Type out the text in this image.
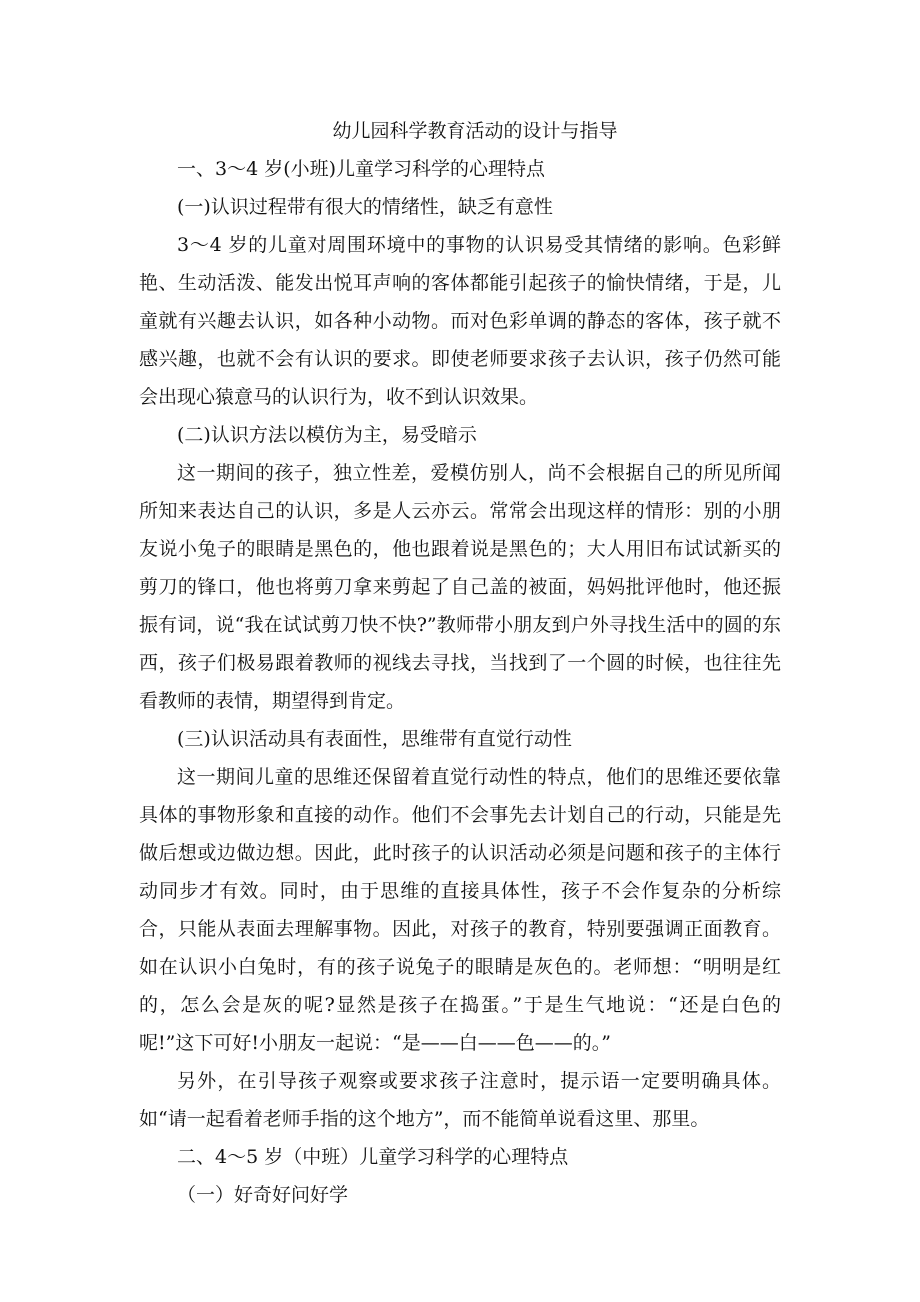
幼儿园科学教育活动的设计与指导

一、3～4 岁(小班)儿童学习科学的心理特点

(一)认识过程带有很大的情绪性，缺乏有意性

3～4 岁的儿童对周围环境中的事物的认识易受其情绪的影响。色彩鲜艳、生动活泼、能发出悦耳声响的客体都能引起孩子的愉快情绪，于是，儿童就有兴趣去认识，如各种小动物。而对色彩单调的静态的客体，孩子就不感兴趣，也就不会有认识的要求。即使老师要求孩子去认识，孩子仍然可能会出现心猿意马的认识行为，收不到认识效果。

(二)认识方法以模仿为主，易受暗示

这一期间的孩子，独立性差，爱模仿别人，尚不会根据自己的所见所闻所知来表达自己的认识，多是人云亦云。常常会出现这样的情形：别的小朋友说小兔子的眼睛是黑色的，他也跟着说是黑色的；大人用旧布试试新买的剪刀的锋口，他也将剪刀拿来剪起了自己盖的被面，妈妈批评他时，他还振振有词，说“我在试试剪刀快不快?”教师带小朋友到户外寻找生活中的圆的东西，孩子们极易跟着教师的视线去寻找，当找到了一个圆的时候，也往往先看教师的表情，期望得到肯定。

(三)认识活动具有表面性，思维带有直觉行动性

这一期间儿童的思维还保留着直觉行动性的特点，他们的思维还要依靠具体的事物形象和直接的动作。他们不会事先去计划自己的行动，只能是先做后想或边做边想。因此，此时孩子的认识活动必须是问题和孩子的主体行动同步才有效。同时，由于思维的直接具体性，孩子不会作复杂的分析综合，只能从表面去理解事物。因此，对孩子的教育，特别要强调正面教育。如在认识小白兔时，有的孩子说兔子的眼睛是灰色的。老师想：“明明是红的，怎么会是灰的呢?显然是孩子在捣蛋。”于是生气地说：“还是白色的呢!”这下可好!小朋友一起说：“是——白——色——的。”

另外，在引导孩子观察或要求孩子注意时，提示语一定要明确具体。如“请一起看着老师手指的这个地方”，而不能简单说看这里、那里。

二、4～5 岁（中班）儿童学习科学的心理特点

（一）好奇好问好学
